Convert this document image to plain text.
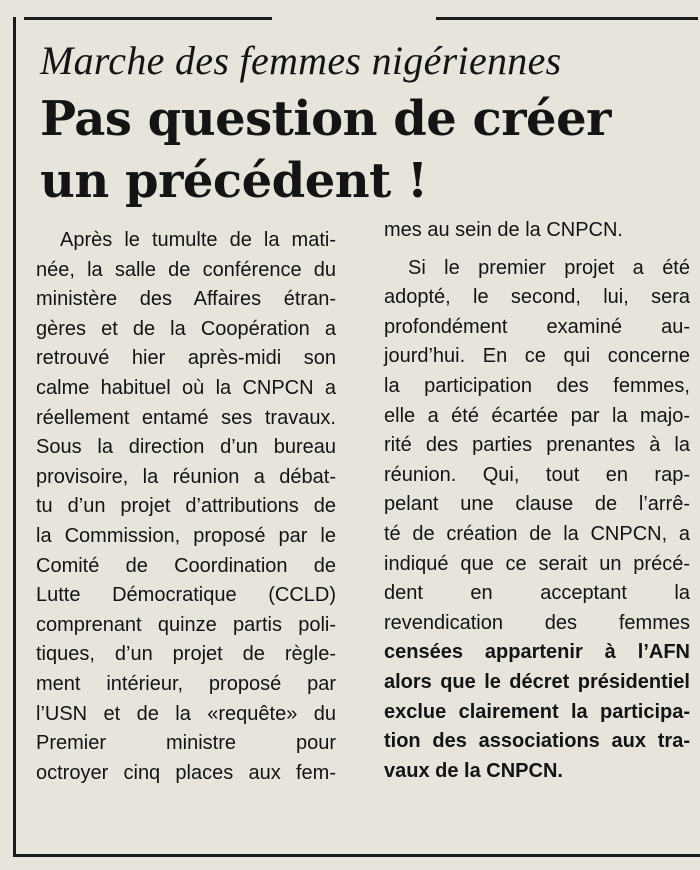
Marche des femmes nigériennes
Pas question de créer
un précédent !

Après le tumulte de la mati-

née, la salle de conférence du

ministère des Affaires étran-

gères et de la Coopération a

retrouvé hier après-midi son

calme habituel où la CNPCN a

réellement entamé ses travaux.

Sous la direction d’un bureau

provisoire, la réunion a débat-

tu d’un projet d’attributions de

la Commission, proposé par le

Comité de Coordination de

Lutte Démocratique (CCLD)

comprenant quinze partis poli-

tiques, d’un projet de règle-

ment intérieur, proposé par

l’USN et de la «requête» du

Premier ministre pour

octroyer cinq places aux fem-

mes au sein de la CNPCN.

Si le premier projet a été

adopté, le second, lui, sera

profondément examiné au-

jourd’hui. En ce qui concerne

la participation des femmes,

elle a été écartée par la majo-

rité des parties prenantes à la

réunion. Qui, tout en rap-

pelant une clause de l’arrê-

té de création de la CNPCN, a

indiqué que ce serait un précé-

dent en acceptant la

revendication des femmes

censées appartenir à l’AFN

alors que le décret présidentiel

exclue clairement la participa-

tion des associations aux tra-

vaux de la CNPCN.
